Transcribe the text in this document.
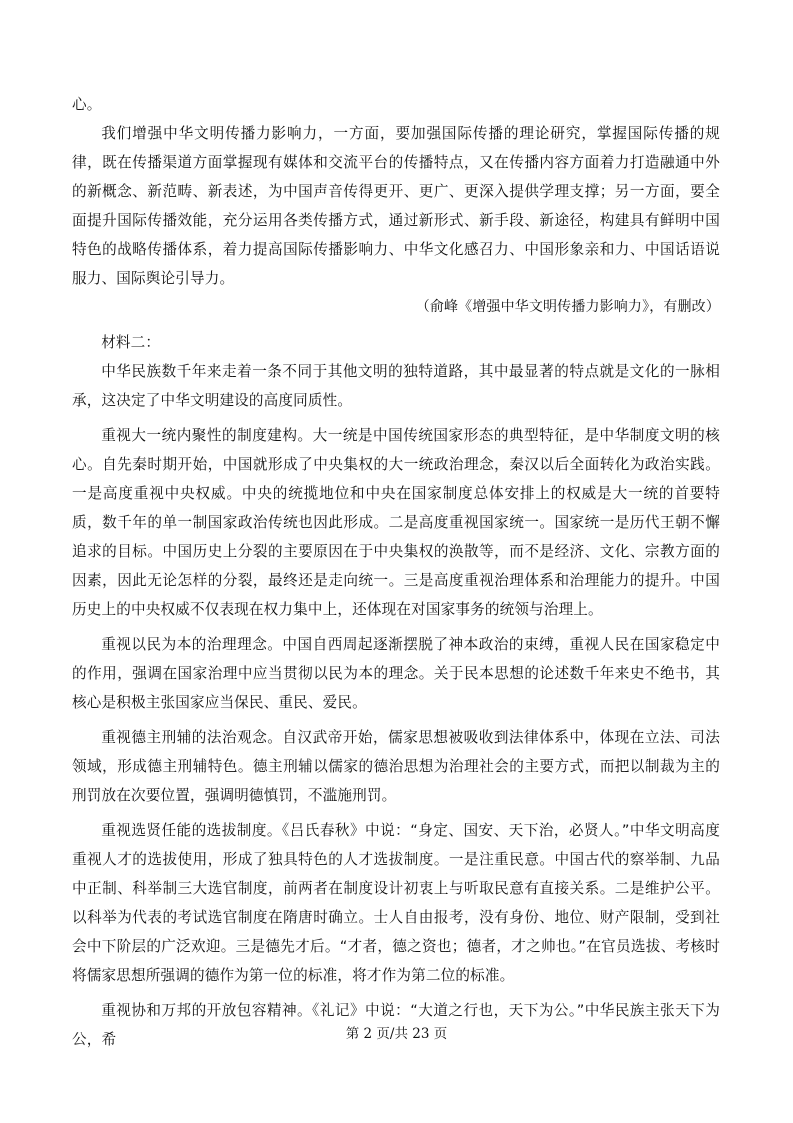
心。

我们增强中华文明传播力影响力，一方面，要加强国际传播的理论研究，掌握国际传播的规律，既在传播渠道方面掌握现有媒体和交流平台的传播特点，又在传播内容方面着力打造融通中外的新概念、新范畴、新表述，为中国声音传得更开、更广、更深入提供学理支撑；另一方面，要全面提升国际传播效能，充分运用各类传播方式，通过新形式、新手段、新途径，构建具有鲜明中国特色的战略传播体系，着力提高国际传播影响力、中华文化感召力、中国形象亲和力、中国话语说服力、国际舆论引导力。

（俞峰《增强中华文明传播力影响力》，有删改）

材料二：

中华民族数千年来走着一条不同于其他文明的独特道路，其中最显著的特点就是文化的一脉相承，这决定了中华文明建设的高度同质性。

重视大一统内聚性的制度建构。大一统是中国传统国家形态的典型特征，是中华制度文明的核心。自先秦时期开始，中国就形成了中央集权的大一统政治理念，秦汉以后全面转化为政治实践。一是高度重视中央权威。中央的统揽地位和中央在国家制度总体安排上的权威是大一统的首要特质，数千年的单一制国家政治传统也因此形成。二是高度重视国家统一。国家统一是历代王朝不懈追求的目标。中国历史上分裂的主要原因在于中央集权的涣散等，而不是经济、文化、宗教方面的因素，因此无论怎样的分裂，最终还是走向统一。三是高度重视治理体系和治理能力的提升。中国历史上的中央权威不仅表现在权力集中上，还体现在对国家事务的统领与治理上。

重视以民为本的治理理念。中国自西周起逐渐摆脱了神本政治的束缚，重视人民在国家稳定中的作用，强调在国家治理中应当贯彻以民为本的理念。关于民本思想的论述数千年来史不绝书，其核心是积极主张国家应当保民、重民、爱民。

重视德主刑辅的法治观念。自汉武帝开始，儒家思想被吸收到法律体系中，体现在立法、司法领域，形成德主刑辅特色。德主刑辅以儒家的德治思想为治理社会的主要方式，而把以制裁为主的刑罚放在次要位置，强调明德慎罚，不滥施刑罚。

重视选贤任能的选拔制度。《吕氏春秋》中说：“身定、国安、天下治，必贤人。”中华文明高度重视人才的选拔使用，形成了独具特色的人才选拔制度。一是注重民意。中国古代的察举制、九品中正制、科举制三大选官制度，前两者在制度设计初衷上与听取民意有直接关系。二是维护公平。以科举为代表的考试选官制度在隋唐时确立。士人自由报考，没有身份、地位、财产限制，受到社会中下阶层的广泛欢迎。三是德先才后。“才者，德之资也；德者，才之帅也。”在官员选拔、考核时将儒家思想所强调的德作为第一位的标准，将才作为第二位的标准。

重视协和万邦的开放包容精神。《礼记》中说：“大道之行也，天下为公。”中华民族主张天下为公，希	第 2 页/共 23 页
